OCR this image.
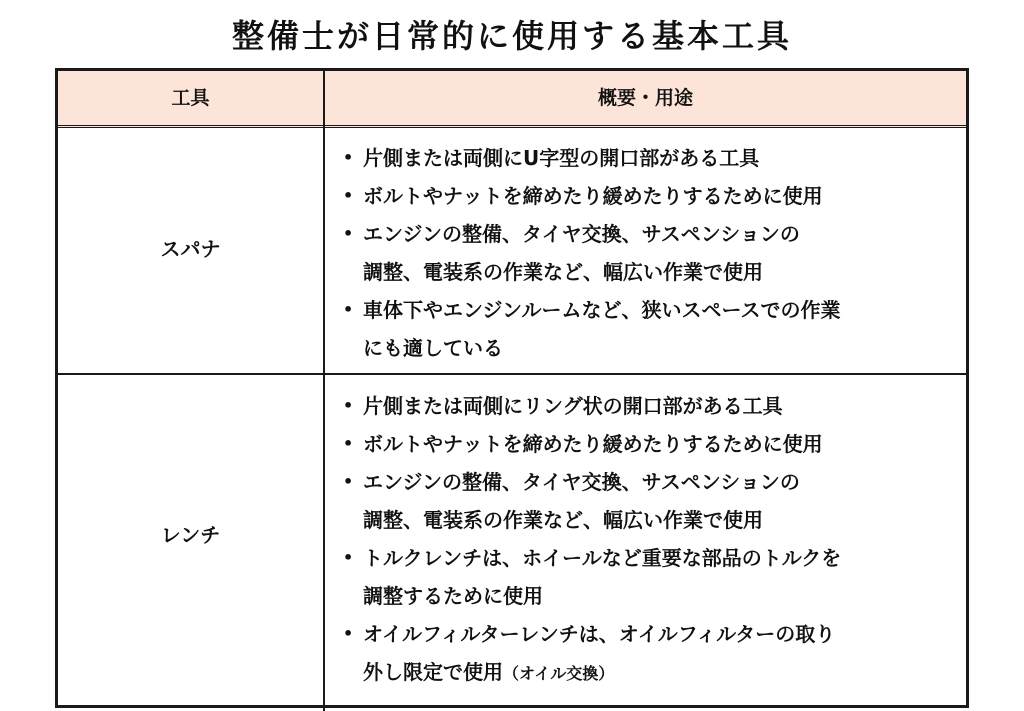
整備士が日常的に使用する基本工具
工具	概要・用途
スパナ
• 片側または両側にU字型の開口部がある工具
• ボルトやナットを締めたり緩めたりするために使用
• エンジンの整備、タイヤ交換、サスペンションの
調整、電装系の作業など、幅広い作業で使用
• 車体下やエンジンルームなど、狭いスペースでの作業
にも適している
レンチ
• 片側または両側にリング状の開口部がある工具
• ボルトやナットを締めたり緩めたりするために使用
• エンジンの整備、タイヤ交換、サスペンションの
調整、電装系の作業など、幅広い作業で使用
• トルクレンチは、ホイールなど重要な部品のトルクを
調整するために使用
• オイルフィルターレンチは、オイルフィルターの取り
外し限定で使用（オイル交換）
